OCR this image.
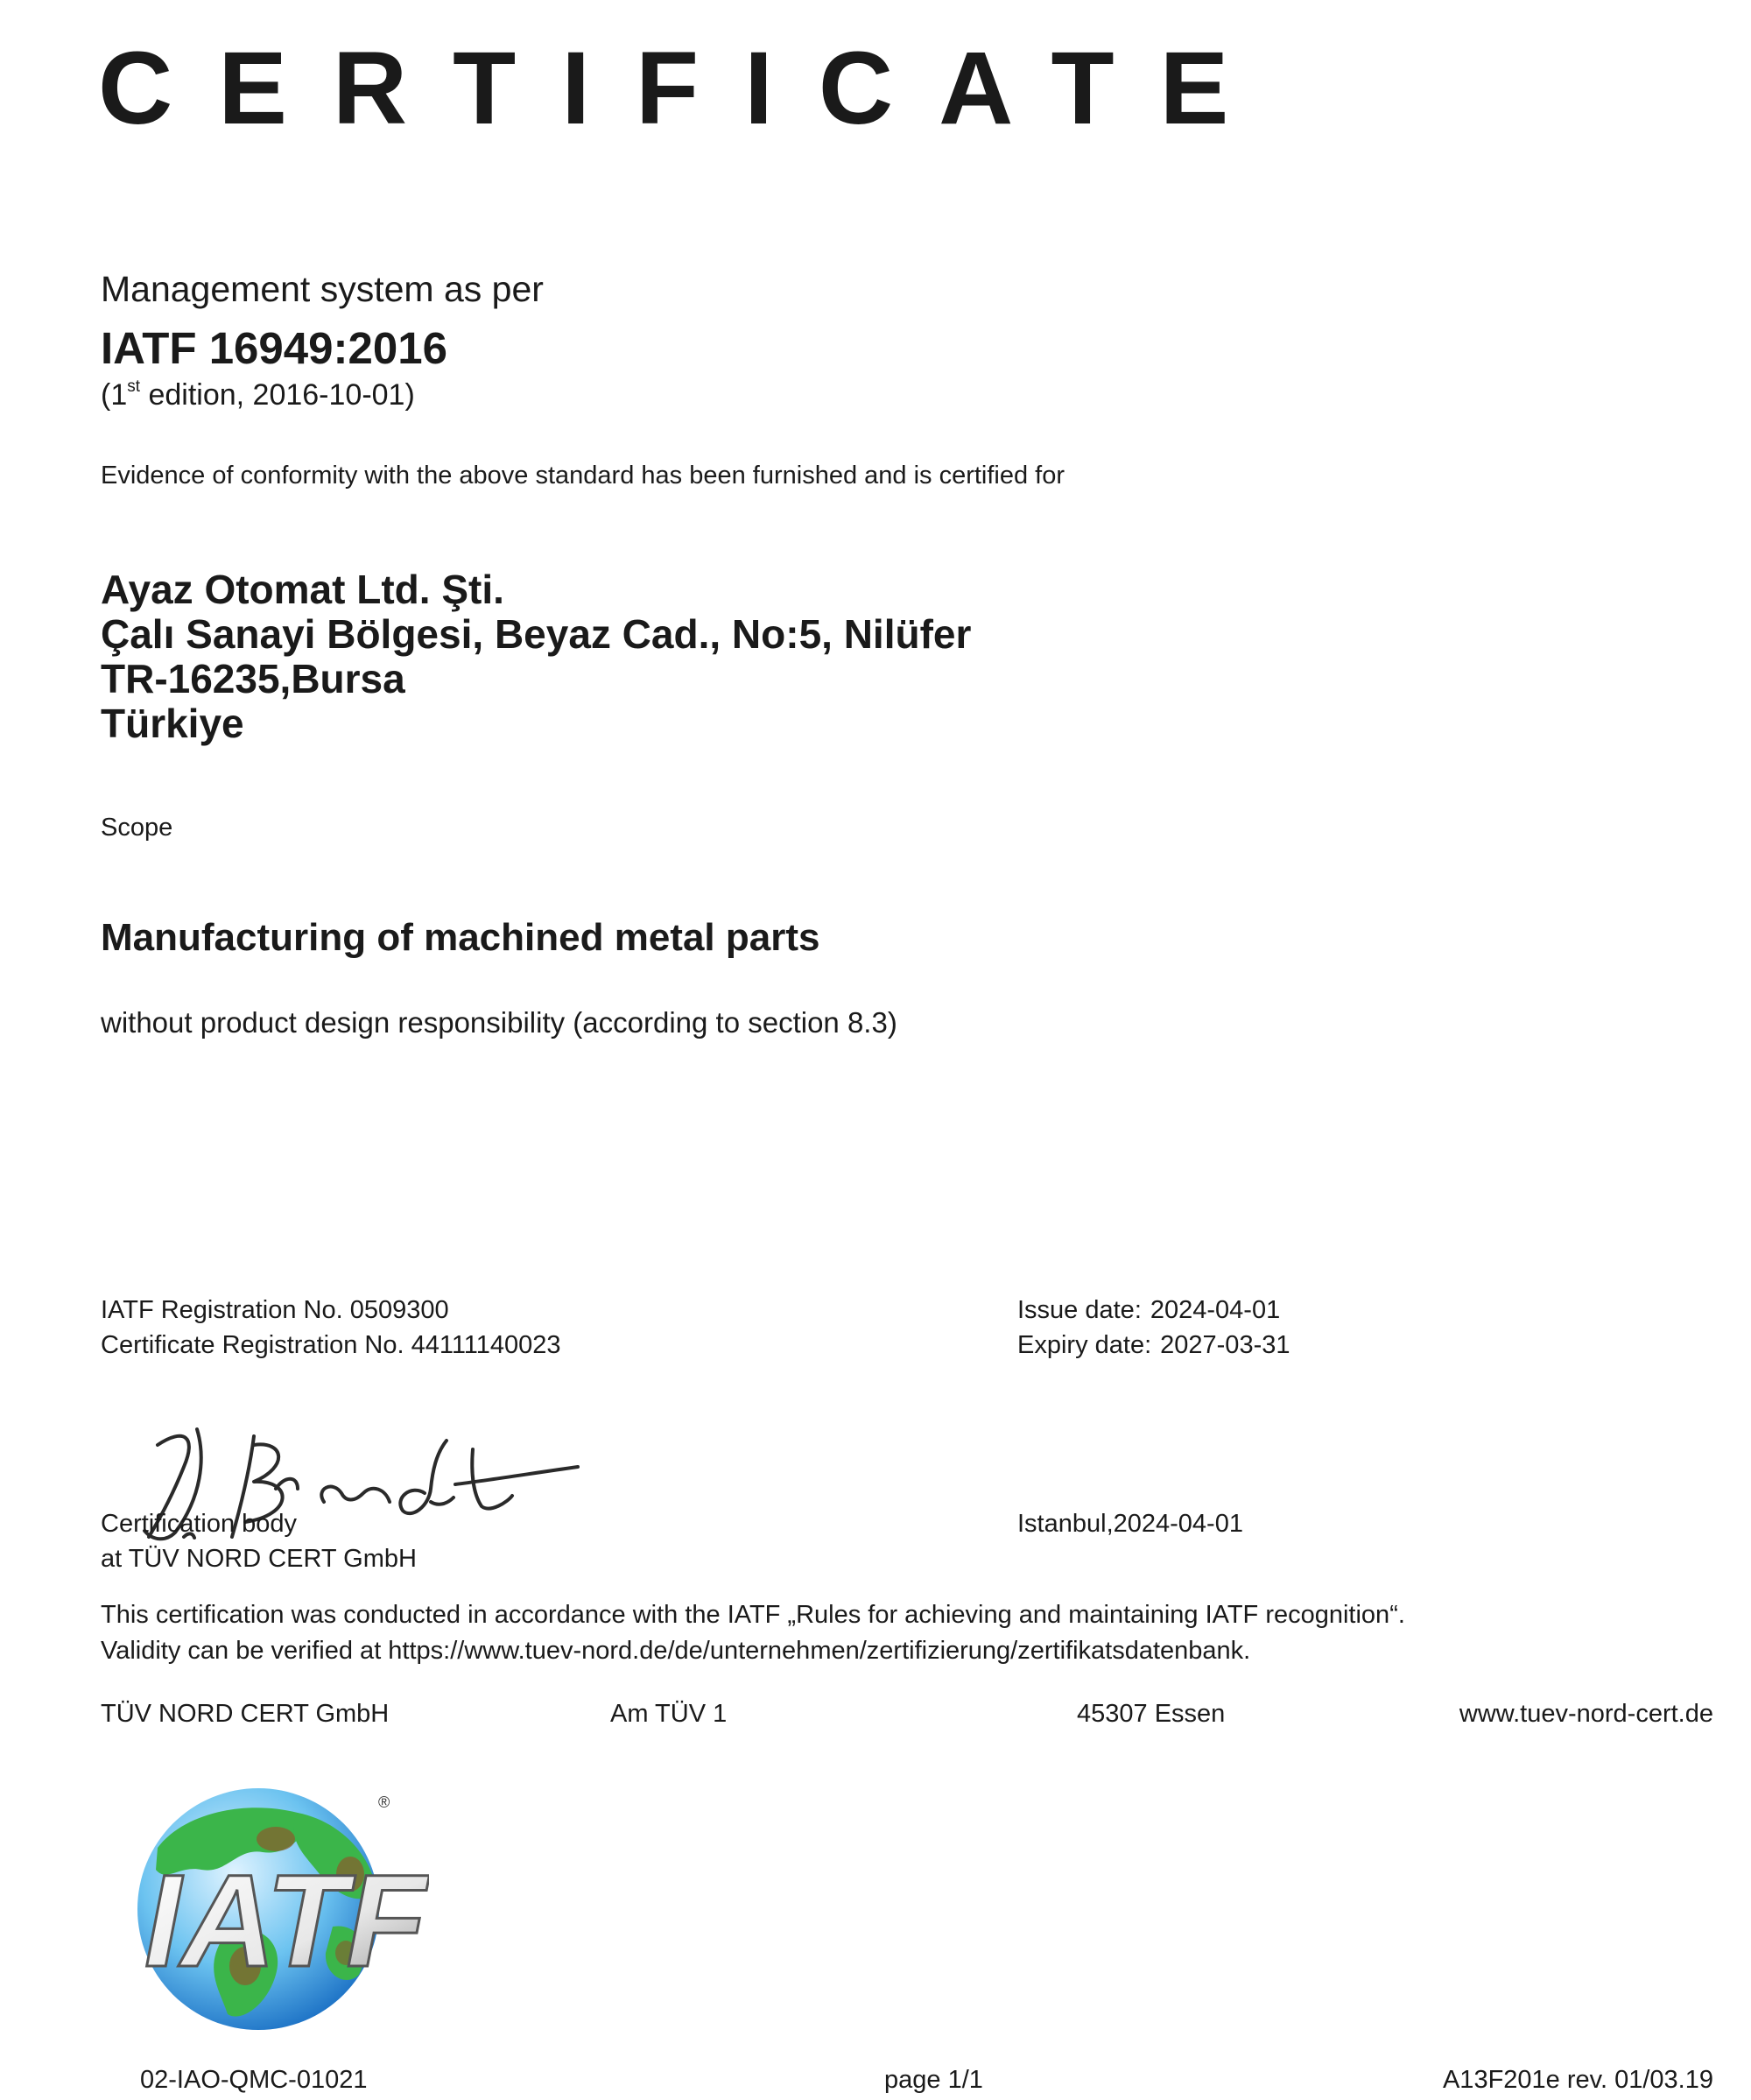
CERTIFICATE
Management system as per
IATF 16949:2016
(1st edition, 2016-10-01)
Evidence of conformity with the above standard has been furnished and is certified for
Ayaz Otomat Ltd. Şti.
Çalı Sanayi Bölgesi, Beyaz Cad., No:5, Nilüfer
TR-16235,Bursa
Türkiye
Scope
Manufacturing of machined metal parts
without product design responsibility (according to section 8.3)
IATF Registration No. 0509300
Certificate Registration No. 44111140023
Issue date: 2024-04-01
Expiry date: 2027-03-31
Certification body
at TÜV NORD CERT GmbH
Istanbul,2024-04-01
This certification was conducted in accordance with the IATF „Rules for achieving and maintaining IATF recognition“.
Validity can be verified at https://www.tuev-nord.de/de/unternehmen/zertifizierung/zertifikatsdatenbank.
TÜV NORD CERT GmbH	Am TÜV 1	45307 Essen	www.tuev-nord-cert.de
IATF
®
02-IAO-QMC-01021	page 1/1	A13F201e rev. 01/03.19
